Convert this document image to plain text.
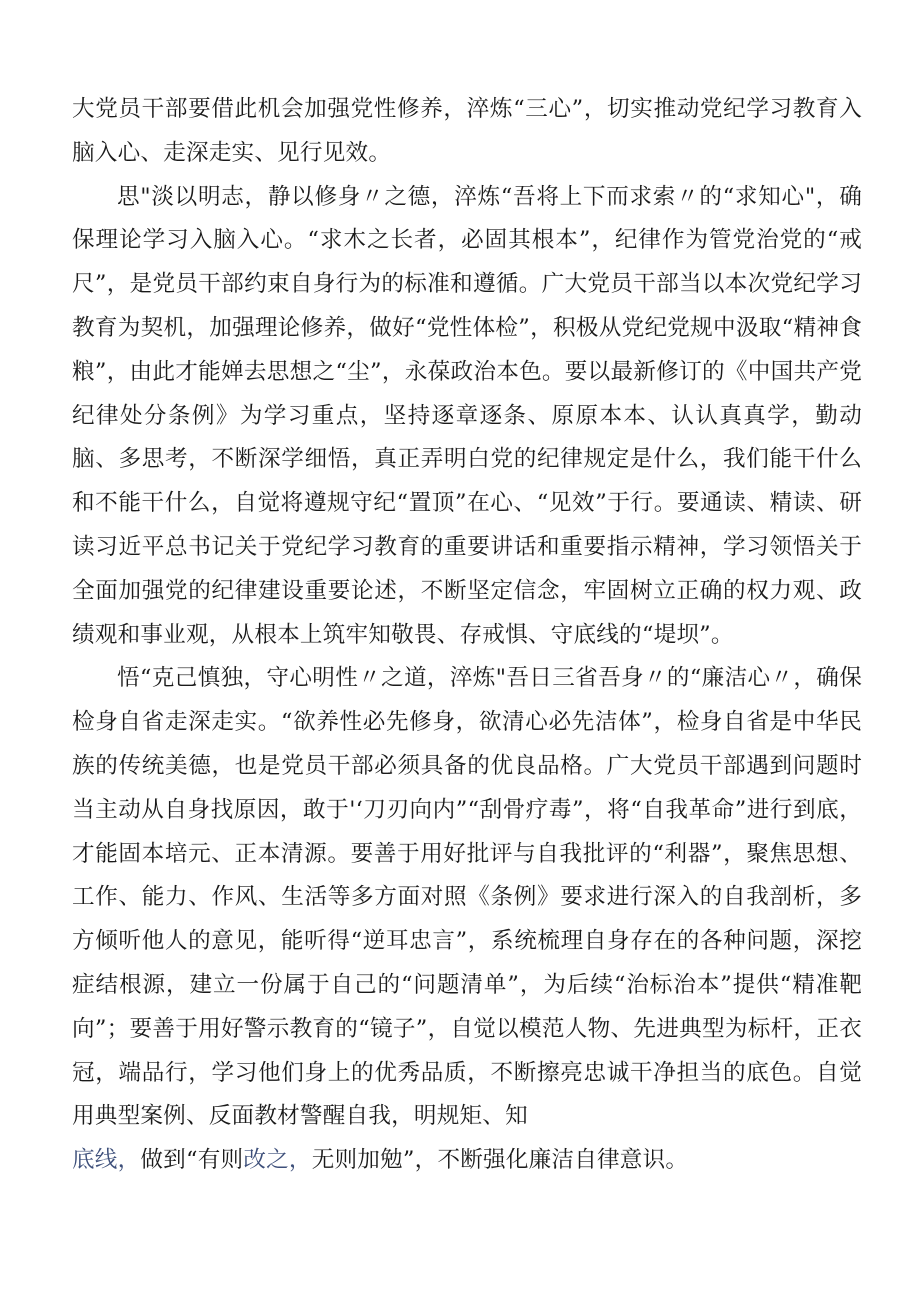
大党员干部要借此机会加强党性修养，淬炼“三心”，切实推动党纪学习教育入脑入心、走深走实、见行见效。

思"淡以明志，静以修身〃之德，淬炼“吾将上下而求索〃的“求知心"，确保理论学习入脑入心。“求木之长者，必固其根本”，纪律作为管党治党的“戒尺”，是党员干部约束自身行为的标准和遵循。广大党员干部当以本次党纪学习教育为契机，加强理论修养，做好“党性体检”，积极从党纪党规中汲取“精神食粮”，由此才能婵去思想之“尘”，永葆政治本色。要以最新修订的《中国共产党纪律处分条例》为学习重点，坚持逐章逐条、原原本本、认认真真学，勤动脑、多思考，不断深学细悟，真正弄明白党的纪律规定是什么，我们能干什么和不能干什么，自觉将遵规守纪“置顶”在心、“见效”于行。要通读、精读、研读习近平总书记关于党纪学习教育的重要讲话和重要指示精神，学习领悟关于全面加强党的纪律建设重要论述，不断坚定信念，牢固树立正确的权力观、政绩观和事业观，从根本上筑牢知敬畏、存戒惧、守底线的“堤坝”。

悟“克己慎独，守心明性〃之道，淬炼"吾日三省吾身〃的“廉洁心〃，确保检身自省走深走实。“欲养性必先修身，欲清心必先洁体”，检身自省是中华民族的传统美德，也是党员干部必须具备的优良品格。广大党员干部遇到问题时当主动从自身找原因，敢于'‘刀刃向内”“刮骨疗毒”，将“自我革命”进行到底，才能固本培元、正本清源。要善于用好批评与自我批评的“利器”，聚焦思想、工作、能力、作风、生活等多方面对照《条例》要求进行深入的自我剖析，多方倾听他人的意见，能听得“逆耳忠言”，系统梳理自身存在的各种问题，深挖症结根源，建立一份属于自己的“问题清单”，为后续“治标治本”提供“精准靶向”；要善于用好警示教育的“镜子”，自觉以模范人物、先进典型为标杆，正衣冠，端品行，学习他们身上的优秀品质，不断擦亮忠诚干净担当的底色。自觉用典型案例、反面教材警醒自我，明规矩、知

底线，做到“有则改之，无则加勉”，不断强化廉洁自律意识。
